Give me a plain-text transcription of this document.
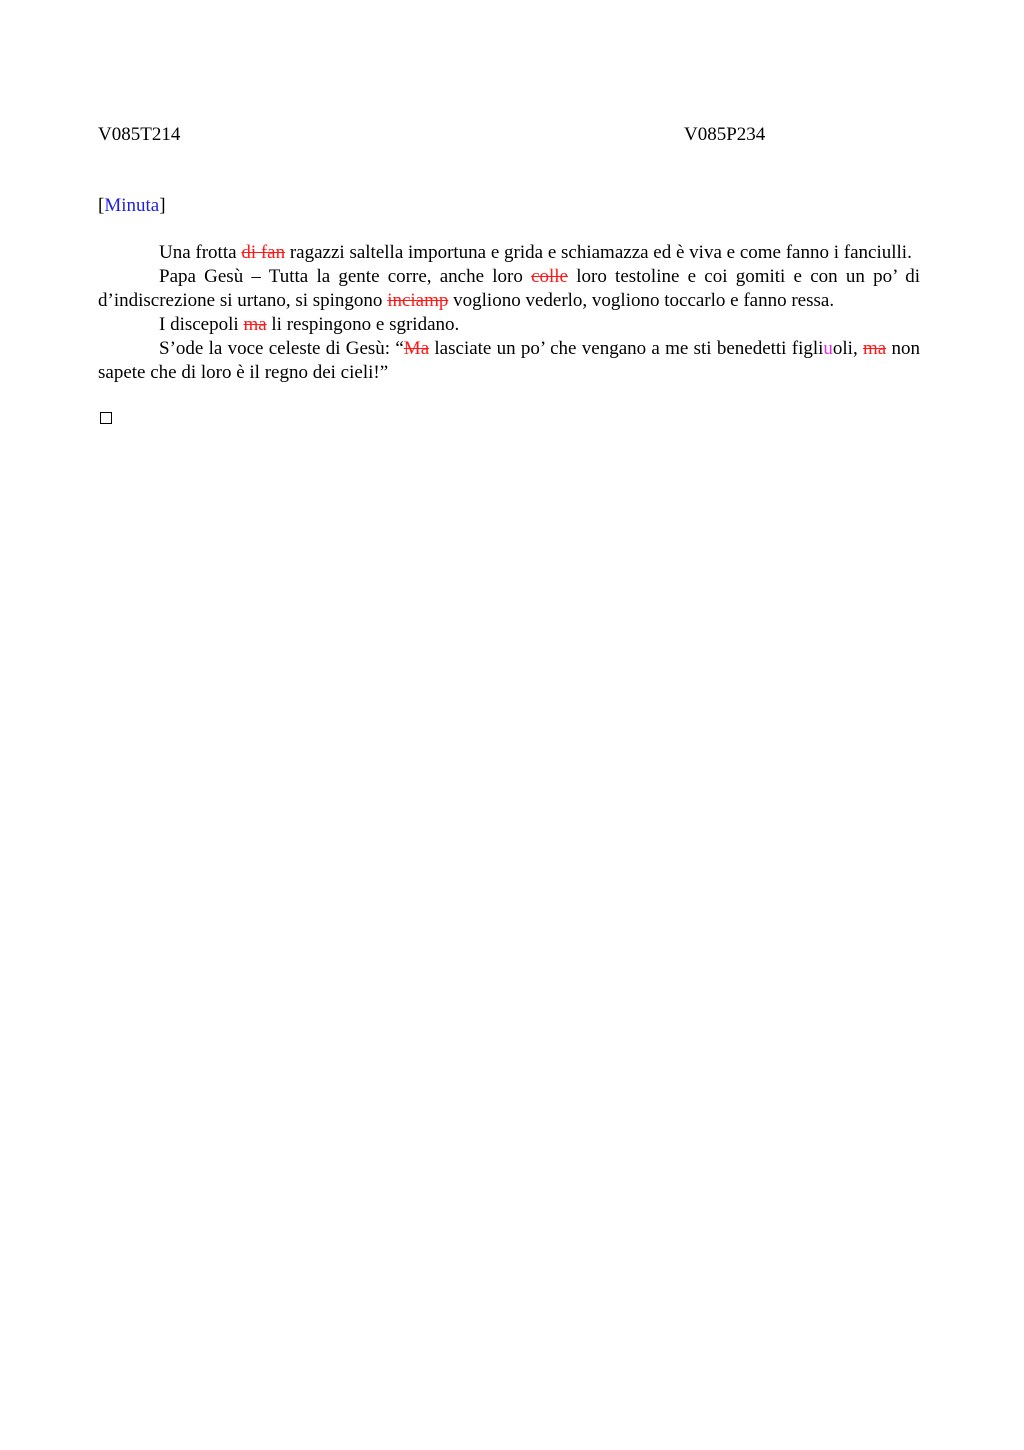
V085T214	V085P234
[Minuta]

Una frotta di fan ragazzi saltella importuna e grida e schiamazza ed è viva e come fanno i fanciulli.

Papa Gesù – Tutta la gente corre, anche loro colle loro testoline e coi gomiti e con un po’ di d’indiscrezione si urtano, si spingono inciamp vogliono vederlo, vogliono toccarlo e fanno ressa.

I discepoli ma li respingono e sgridano.

S’ode la voce celeste di Gesù: “Ma lasciate un po’ che vengano a me sti benedetti figliuoli, ma non sapete che di loro è il regno dei cieli!”
